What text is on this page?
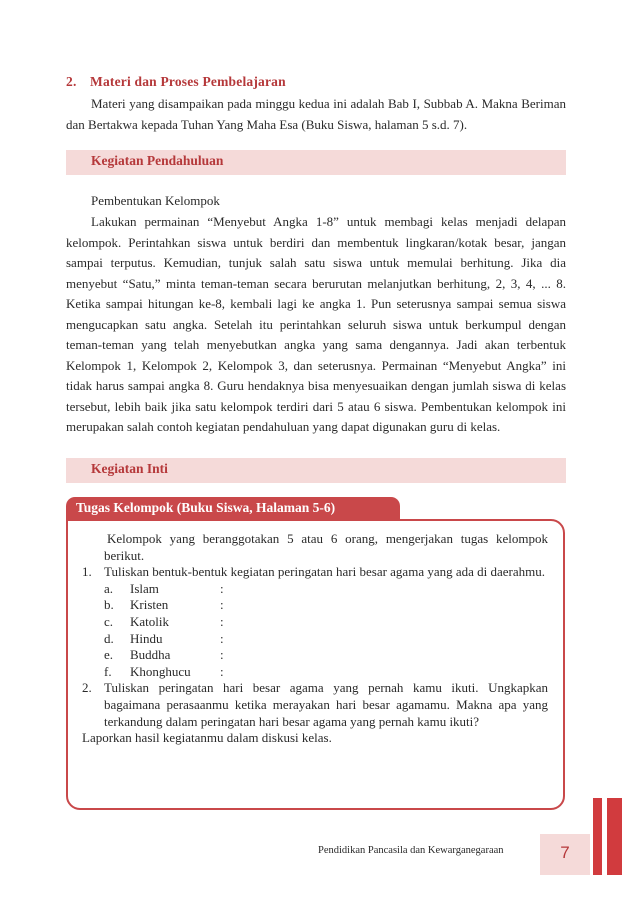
2. Materi dan Proses Pembelajaran

Materi yang disampaikan pada minggu kedua ini adalah Bab I, Subbab A. Makna Beriman dan Bertakwa kepada Tuhan Yang Maha Esa (Buku Siswa, halaman 5 s.d. 7).

Kegiatan Pendahuluan

Pembentukan Kelompok

Lakukan permainan “Menyebut Angka 1-8” untuk membagi kelas menjadi delapan kelompok. Perintahkan siswa untuk berdiri dan membentuk lingkaran/kotak besar, jangan sampai terputus. Kemudian, tunjuk salah satu siswa untuk memulai berhitung. Jika dia menyebut “Satu,” minta teman-teman secara berurutan melanjutkan berhitung, 2, 3, 4, ... 8. Ketika sampai hitungan ke-8, kembali lagi ke angka 1. Pun seterusnya sampai semua siswa mengucapkan satu angka. Setelah itu perintahkan seluruh siswa untuk berkumpul dengan teman-teman yang telah menyebutkan angka yang sama dengannya. Jadi akan terbentuk Kelompok 1, Kelompok 2, Kelompok 3, dan seterusnya. Permainan “Menyebut Angka” ini tidak harus sampai angka 8. Guru hendaknya bisa menyesuaikan dengan jumlah siswa di kelas tersebut, lebih baik jika satu kelompok terdiri dari 5 atau 6 siswa. Pembentukan kelompok ini merupakan salah contoh kegiatan pendahuluan yang dapat digunakan guru di kelas.

Kegiatan Inti
Tugas Kelompok (Buku Siswa, Halaman 5-6)
Kelompok yang beranggotakan 5 atau 6 orang, mengerjakan tugas kelompok berikut.
1. Tuliskan bentuk-bentuk kegiatan peringatan hari besar agama yang ada di daerahmu.
a.	Islam	:
b.	Kristen	:
c.	Katolik	:
d.	Hindu	:
e.	Buddha	:
f.	Khonghucu	:
2. Tuliskan peringatan hari besar agama yang pernah kamu ikuti. Ungkapkan bagaimana perasaanmu ketika merayakan hari besar agamamu. Makna apa yang terkandung dalam peringatan hari besar agama yang pernah kamu ikuti?
Laporkan hasil kegiatanmu dalam diskusi kelas.
Pendidikan Pancasila dan Kewarganegaraan	7
